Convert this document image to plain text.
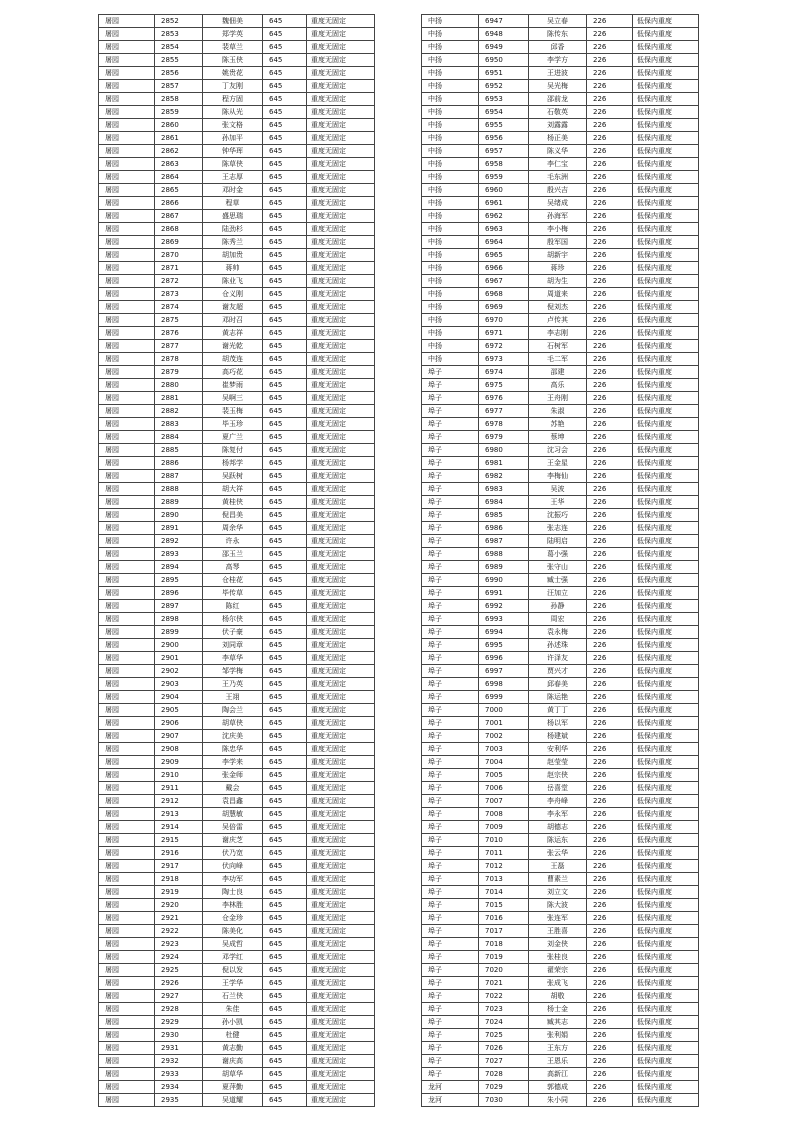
屠园	2852	魏佃美	645	重度无固定
屠园	2853	郑学英	645	重度无固定
屠园	2854	裴草兰	645	重度无固定
屠园	2855	陈玉侠	645	重度无固定
屠园	2856	姚贵花	645	重度无固定
屠园	2857	丁友刚	645	重度无固定
屠园	2858	程方固	645	重度无固定
屠园	2859	陈从光	645	重度无固定
屠园	2860	张文格	645	重度无固定
屠园	2861	孙加平	645	重度无固定
屠园	2862	钟华珲	645	重度无固定
屠园	2863	陈草侠	645	重度无固定
屠园	2864	王志厚	645	重度无固定
屠园	2865	邓时金	645	重度无固定
屠园	2866	程草	645	重度无固定
屠园	2867	盛思瑞	645	重度无固定
屠园	2868	陆劲杉	645	重度无固定
屠园	2869	陈秀兰	645	重度无固定
屠园	2870	胡加贵	645	重度无固定
屠园	2871	蒋帅	645	重度无固定
屠园	2872	陈业飞	645	重度无固定
屠园	2873	仓义刚	645	重度无固定
屠园	2874	谢友超	645	重度无固定
屠园	2875	邓时召	645	重度无固定
屠园	2876	黄志祥	645	重度无固定
屠园	2877	谢光乾	645	重度无固定
屠园	2878	胡茂连	645	重度无固定
屠园	2879	高巧花	645	重度无固定
屠园	2880	崔梦雨	645	重度无固定
屠园	2881	吴啊三	645	重度无固定
屠园	2882	裴玉梅	645	重度无固定
屠园	2883	毕玉珍	645	重度无固定
屠园	2884	夏广兰	645	重度无固定
屠园	2885	陈复付	645	重度无固定
屠园	2886	杨邦学	645	重度无固定
屠园	2887	吴跃树	645	重度无固定
屠园	2888	胡大祥	645	重度无固定
屠园	2889	黄桂侠	645	重度无固定
屠园	2890	倪昌美	645	重度无固定
屠园	2891	周余华	645	重度无固定
屠园	2892	许永	645	重度无固定
屠园	2893	邵玉兰	645	重度无固定
屠园	2894	高琴	645	重度无固定
屠园	2895	仓桂花	645	重度无固定
屠园	2896	毕传草	645	重度无固定
屠园	2897	陈红	645	重度无固定
屠园	2898	杨尔侠	645	重度无固定
屠园	2899	伏子豪	645	重度无固定
屠园	2900	刘同章	645	重度无固定
屠园	2901	李草华	645	重度无固定
屠园	2902	邹学梅	645	重度无固定
屠园	2903	王乃英	645	重度无固定
屠园	2904	王翊	645	重度无固定
屠园	2905	陶会兰	645	重度无固定
屠园	2906	胡草侠	645	重度无固定
屠园	2907	沈庆美	645	重度无固定
屠园	2908	陈忠华	645	重度无固定
屠园	2909	李学来	645	重度无固定
屠园	2910	张金师	645	重度无固定
屠园	2911	戴会	645	重度无固定
屠园	2912	袁昌鑫	645	重度无固定
屠园	2913	胡慧敏	645	重度无固定
屠园	2914	吴倍雷	645	重度无固定
屠园	2915	谢庆芝	645	重度无固定
屠园	2916	伏乃宽	645	重度无固定
屠园	2917	伏向峰	645	重度无固定
屠园	2918	李功军	645	重度无固定
屠园	2919	陶士良	645	重度无固定
屠园	2920	李林胜	645	重度无固定
屠园	2921	仓金珍	645	重度无固定
屠园	2922	陈美化	645	重度无固定
屠园	2923	吴成哲	645	重度无固定
屠园	2924	邓学红	645	重度无固定
屠园	2925	倪以发	645	重度无固定
屠园	2926	王学华	645	重度无固定
屠园	2927	石兰侠	645	重度无固定
屠园	2928	朱佳	645	重度无固定
屠园	2929	孙小凯	645	重度无固定
屠园	2930	杜健	645	重度无固定
屠园	2931	黄志勤	645	重度无固定
屠园	2932	谢庆高	645	重度无固定
屠园	2933	胡草华	645	重度无固定
屠园	2934	夏萍勤	645	重度无固定
屠园	2935	吴道耀	645	重度无固定
中扬	6947	吴立春	226	低保内重度
中扬	6948	陈传东	226	低保内重度
中扬	6949	邱香	226	低保内重度
中扬	6950	李学方	226	低保内重度
中扬	6951	王进波	226	低保内重度
中扬	6952	吴光梅	226	低保内重度
中扬	6953	邵前龙	226	低保内重度
中扬	6954	石敬英	226	低保内重度
中扬	6955	刘露露	226	低保内重度
中扬	6956	杨正美	226	低保内重度
中扬	6957	陈义华	226	低保内重度
中扬	6958	李仁宝	226	低保内重度
中扬	6959	毛东洲	226	低保内重度
中扬	6960	殷兴吉	226	低保内重度
中扬	6961	吴绪成	226	低保内重度
中扬	6962	孙海军	226	低保内重度
中扬	6963	李小梅	226	低保内重度
中扬	6964	殷军国	226	低保内重度
中扬	6965	胡新宇	226	低保内重度
中扬	6966	蒋珍	226	低保内重度
中扬	6967	胡为生	226	低保内重度
中扬	6968	周道来	226	低保内重度
中扬	6969	倪刘杰	226	低保内重度
中扬	6970	卢传其	226	低保内重度
中扬	6971	李志刚	226	低保内重度
中扬	6972	石树军	226	低保内重度
中扬	6973	毛二军	226	低保内重度
埠子	6974	邵建	226	低保内重度
埠子	6975	高乐	226	低保内重度
埠子	6976	王舟刚	226	低保内重度
埠子	6977	朱淑	226	低保内重度
埠子	6978	苏艳	226	低保内重度
埠子	6979	蔡坤	226	低保内重度
埠子	6980	沈习会	226	低保内重度
埠子	6981	王金星	226	低保内重度
埠子	6982	李梅仙	226	低保内重度
埠子	6983	吴波	226	低保内重度
埠子	6984	王华	226	低保内重度
埠子	6985	沈振巧	226	低保内重度
埠子	6986	张志连	226	低保内重度
埠子	6987	陆明启	226	低保内重度
埠子	6988	葛小强	226	低保内重度
埠子	6989	张守山	226	低保内重度
埠子	6990	臧士强	226	低保内重度
埠子	6991	汪加立	226	低保内重度
埠子	6992	孙静	226	低保内重度
埠子	6993	周宏	226	低保内重度
埠子	6994	袁永梅	226	低保内重度
埠子	6995	孙述珠	226	低保内重度
埠子	6996	许泽友	226	低保内重度
埠子	6997	贾兴才	226	低保内重度
埠子	6998	邱春美	226	低保内重度
埠子	6999	陈运艳	226	低保内重度
埠子	7000	黄丁丁	226	低保内重度
埠子	7001	杨以军	226	低保内重度
埠子	7002	杨建斌	226	低保内重度
埠子	7003	安利华	226	低保内重度
埠子	7004	赵莹莹	226	低保内重度
埠子	7005	赵宗侠	226	低保内重度
埠子	7006	岳喜堂	226	低保内重度
埠子	7007	李舟峰	226	低保内重度
埠子	7008	李永军	226	低保内重度
埠子	7009	胡德志	226	低保内重度
埠子	7010	陈运东	226	低保内重度
埠子	7011	张云华	226	低保内重度
埠子	7012	王磊	226	低保内重度
埠子	7013	曹素兰	226	低保内重度
埠子	7014	刘立文	226	低保内重度
埠子	7015	陈大波	226	低保内重度
埠子	7016	张连军	226	低保内重度
埠子	7017	王胜喜	226	低保内重度
埠子	7018	刘金侠	226	低保内重度
埠子	7019	张桂良	226	低保内重度
埠子	7020	翟荣宗	226	低保内重度
埠子	7021	张成飞	226	低保内重度
埠子	7022	胡敬	226	低保内重度
埠子	7023	杨士金	226	低保内重度
埠子	7024	臧其志	226	低保内重度
埠子	7025	张利娟	226	低保内重度
埠子	7026	王东方	226	低保内重度
埠子	7027	王恩乐	226	低保内重度
埠子	7028	高新江	226	低保内重度
龙河	7029	郭德成	226	低保内重度
龙河	7030	朱小同	226	低保内重度
